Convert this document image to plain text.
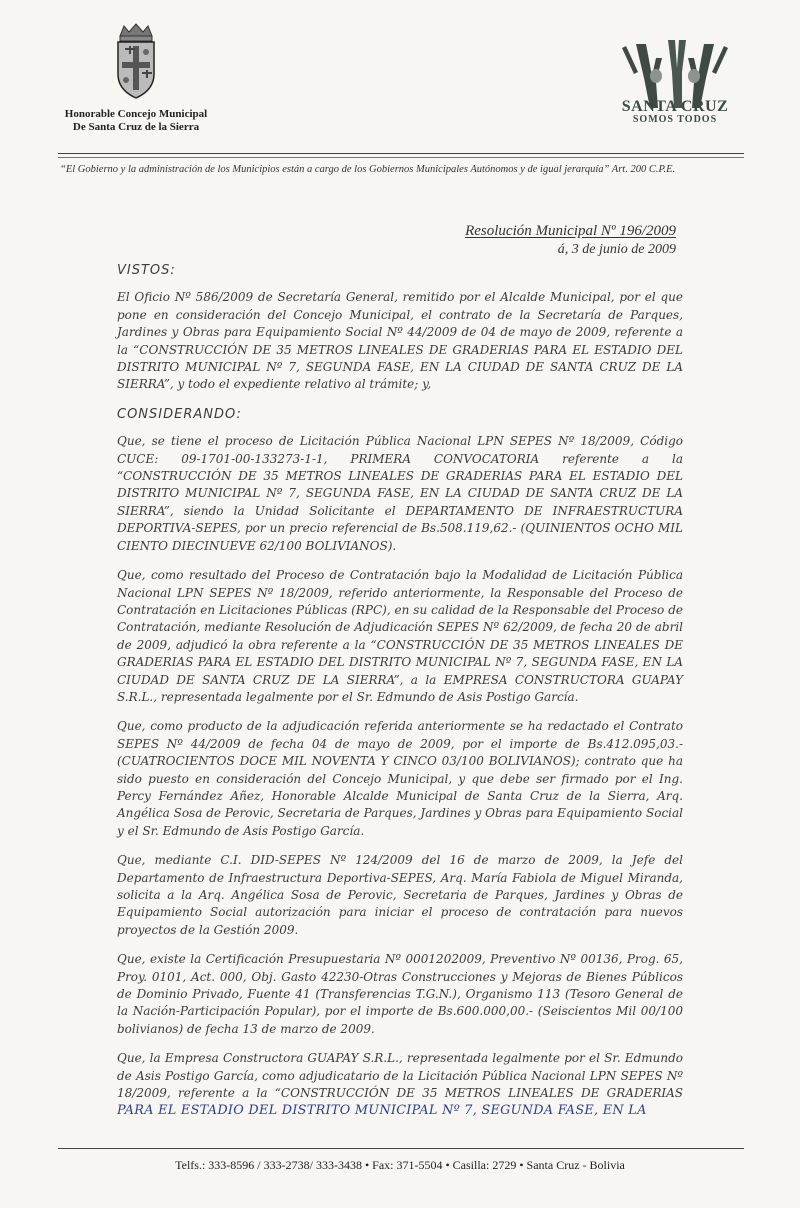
Honorable Concejo Municipal
De Santa Cruz de la Sierra
SANTA CRUZ
SOMOS TODOS
“El Gobierno y la administración de los Municipios están a cargo de los Gobiernos Municipales Autónomos y de igual jerarquía” Art. 200 C.P.E.
Resolución Municipal Nº 196/2009
á, 3 de junio de 2009
VISTOS:

El Oficio Nº 586/2009 de Secretaría General, remitido por el Alcalde Municipal, por el que pone en consideración del Concejo Municipal, el contrato de la Secretaría de Parques, Jardines y Obras para Equipamiento Social Nº 44/2009 de 04 de mayo de 2009, referente a la “CONSTRUCCIÓN DE 35 METROS LINEALES DE GRADERIAS PARA EL ESTADIO DEL DISTRITO MUNICIPAL Nº 7, SEGUNDA FASE, EN LA CIUDAD DE SANTA CRUZ DE LA SIERRA”, y todo el expediente relativo al trámite; y,

CONSIDERANDO:

Que, se tiene el proceso de Licitación Pública Nacional LPN SEPES Nº 18/2009, Código CUCE: 09-1701-00-133273-1-1, PRIMERA CONVOCATORIA referente a la “CONSTRUCCIÓN DE 35 METROS LINEALES DE GRADERIAS PARA EL ESTADIO DEL DISTRITO MUNICIPAL Nº 7, SEGUNDA FASE, EN LA CIUDAD DE SANTA CRUZ DE LA SIERRA”, siendo la Unidad Solicitante el DEPARTAMENTO DE INFRAESTRUCTURA DEPORTIVA-SEPES, por un precio referencial de Bs.508.119,62.- (QUINIENTOS OCHO MIL CIENTO DIECINUEVE 62/100 BOLIVIANOS).

Que, como resultado del Proceso de Contratación bajo la Modalidad de Licitación Pública Nacional LPN SEPES Nº 18/2009, referido anteriormente, la Responsable del Proceso de Contratación en Licitaciones Públicas (RPC), en su calidad de la Responsable del Proceso de Contratación, mediante Resolución de Adjudicación SEPES Nº 62/2009, de fecha 20 de abril de 2009, adjudicó la obra referente a la “CONSTRUCCIÓN DE 35 METROS LINEALES DE GRADERIAS PARA EL ESTADIO DEL DISTRITO MUNICIPAL Nº 7, SEGUNDA FASE, EN LA CIUDAD DE SANTA CRUZ DE LA SIERRA”, a la EMPRESA CONSTRUCTORA GUAPAY S.R.L., representada legalmente por el Sr. Edmundo de Asis Postigo García.

Que, como producto de la adjudicación referida anteriormente se ha redactado el Contrato SEPES Nº 44/2009 de fecha 04 de mayo de 2009, por el importe de Bs.412.095,03.- (CUATROCIENTOS DOCE MIL NOVENTA Y CINCO 03/100 BOLIVIANOS); contrato que ha sido puesto en consideración del Concejo Municipal, y que debe ser firmado por el Ing. Percy Fernández Añez, Honorable Alcalde Municipal de Santa Cruz de la Sierra, Arq. Angélica Sosa de Perovic, Secretaria de Parques, Jardines y Obras para Equipamiento Social y el Sr. Edmundo de Asis Postigo García.

Que, mediante C.I. DID-SEPES Nº 124/2009 del 16 de marzo de 2009, la Jefe del Departamento de Infraestructura Deportiva-SEPES, Arq. María Fabiola de Miguel Miranda, solicita a la Arq. Angélica Sosa de Perovic, Secretaria de Parques, Jardines y Obras de Equipamiento Social autorización para iniciar el proceso de contratación para nuevos proyectos de la Gestión 2009.

Que, existe la Certificación Presupuestaria Nº 0001202009, Preventivo Nº 00136, Prog. 65, Proy. 0101, Act. 000, Obj. Gasto 42230-Otras Construcciones y Mejoras de Bienes Públicos de Dominio Privado, Fuente 41 (Transferencias T.G.N.), Organismo 113 (Tesoro General de la Nación-Participación Popular), por el importe de Bs.600.000,00.- (Seiscientos Mil 00/100 bolivianos) de fecha 13 de marzo de 2009.

Que, la Empresa Constructora GUAPAY S.R.L., representada legalmente por el Sr. Edmundo de Asis Postigo García, como adjudicatario de la Licitación Pública Nacional LPN SEPES Nº 18/2009, referente a la “CONSTRUCCIÓN DE 35 METROS LINEALES DE GRADERIAS PARA EL ESTADIO DEL DISTRITO MUNICIPAL Nº 7, SEGUNDA FASE, EN LA

Telfs.: 333-8596 / 333-2738/ 333-3438 • Fax: 371-5504 • Casilla: 2729 • Santa Cruz - Bolivia
